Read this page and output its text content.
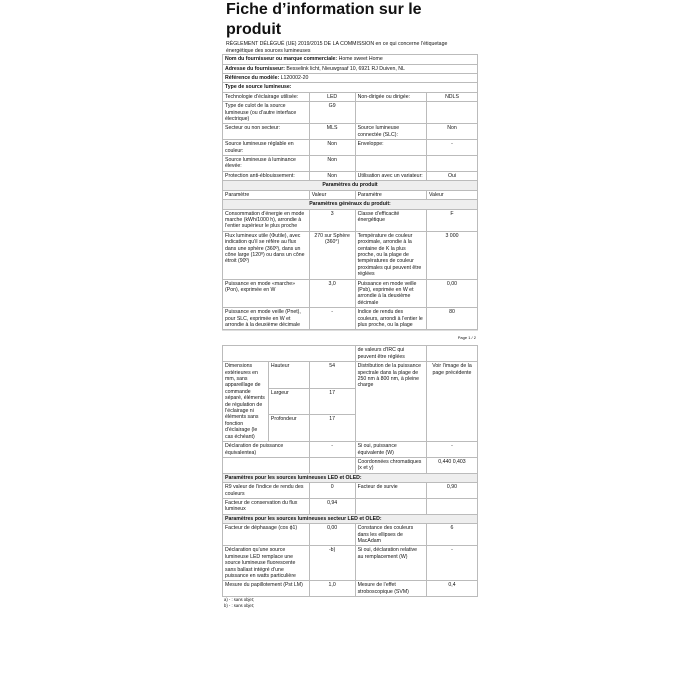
Fiche d’information sur le produit
RÈGLEMENT DÉLÉGUÉ (UE) 2019/2015 DE LA COMMISSION en ce qui concerne l’étiquetage énergétique des sources lumineuses
Nom du fournisseur ou marque commerciale: Home sweet Home			
Adresse du fournisseur: Besselink licht, Nieuwgraaf 10, 6921 RJ Duiven, NL			
Référence du modèle: L120002-20			
Type de source lumineuse:			
Technologie d’éclairage utilisée:	LED	Non-dirigée ou dirigée:	NDLS
Type de culot de la source lumineuse (ou d’autre interface électrique)	G9		
Secteur ou non secteur:	MLS	Source lumineuse connectée (SLC):	Non
Source lumineuse réglable en couleur:	Non	Enveloppe:	-
Source lumineuse à luminance élevée:	Non		
Protection anti-éblouissement:	Non	Utilisation avec un variateur:	Oui
Paramètres du produit			
Paramètre	Valeur	Paramètre	Valeur
Paramètres généraux du produit:			
Consommation d’énergie en mode marche (kWh/1000 h), arrondie à l’entier supérieur le plus proche	3	Classe d’efficacité énergétique	F
Flux lumineux utile (Φutile), avec indication qu’il se réfère au flux dans une sphère (360º), dans un cône large (120º) ou dans un cône étroit (90º)	270 sur Sphère (360°)	Température de couleur proximale, arrondie à la centaine de K la plus proche, ou la plage de températures de couleur proximales qui peuvent être réglées	3 000
Puissance en mode «marche» (Pon), exprimée en W	3,0	Puissance en mode veille (Psb), exprimée en W et arrondie à la deuxième décimale	0,00
Puissance en mode veille (Pnet), pour SLC, exprimée en W et arrondie à la deuxième décimale	-	Indice de rendu des couleurs, arrondi à l’entier le plus proche, ou la plage	80
Page 1 / 2
			de valeurs d’IRC qui peuvent être réglées	
Dimensions extérieures en mm, sans appareillage de commande séparé, éléments de régulation de l’éclairage ni éléments sans fonction d’éclairage (le cas échéant)	Hauteur	54	Distribution de la puissance spectrale dans la plage de 250 nm à 800 nm, à pleine charge	Voir l’image de la page précédente
	Largeur	17		
	Profondeur	17		
Déclaration de puissance équivalentea)		-	Si oui, puissance équivalente (W)	-
			Coordonnées chromatiques (x et y)	0,440 0,403
Paramètres pour les sources lumineuses LED et OLED:				
R9 valeur de l’indice de rendu des couleurs		0	Facteur de survie	0,90
Facteur de conservation du flux lumineux		0,94		
Paramètres pour les sources lumineuses secteur LED et OLED:				
Facteur de déphasage (cos ϕ1)		0,00	Constance des couleurs dans les ellipses de MacAdam	6
Déclaration qu’une source lumineuse LED remplace une source lumineuse fluorescente sans ballast intégré d’une puissance en watts particulière		-b)	Si oui, déclaration relative au remplacement (W)	-
Mesure du papillotement (Pst LM)		1,0	Mesure de l’effet stroboscopique (SVM)	0,4
a) - : sans objet;
b) - : sans objet;
